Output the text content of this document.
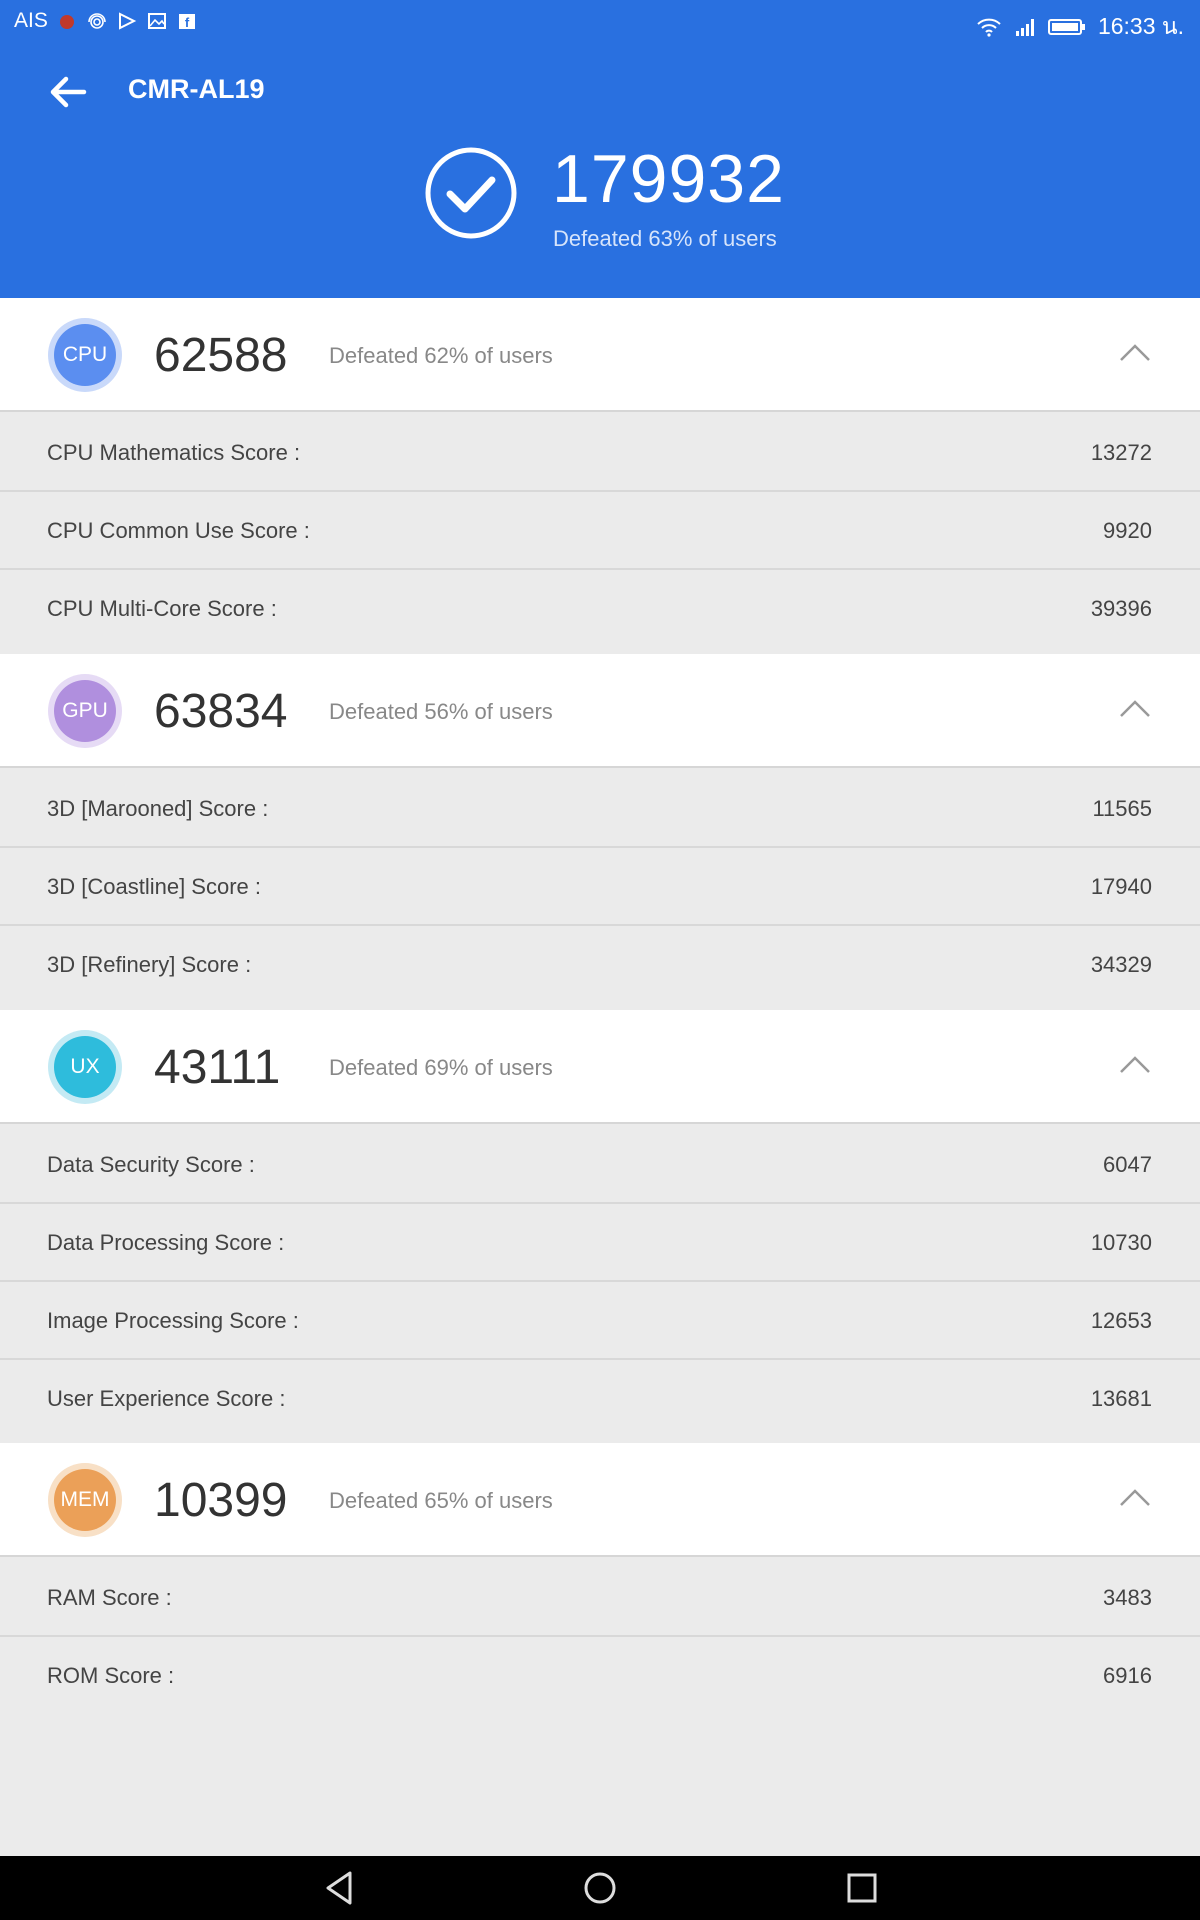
AIS	f	16:33 น.
CMR-AL19
179932
Defeated 63% of users
CPU 62588 Defeated 62% of users
CPU Mathematics Score :	13272
CPU Common Use Score :	9920
CPU Multi-Core Score :	39396
GPU 63834 Defeated 56% of users
3D [Marooned] Score :	11565
3D [Coastline] Score :	17940
3D [Refinery] Score :	34329
UX	43111 Defeated 69% of users
Data Security Score :	6047
Data Processing Score :	10730
Image Processing Score :	12653
User Experience Score :	13681
MEM 10399 Defeated 65% of users
RAM Score :	3483
ROM Score :	6916
